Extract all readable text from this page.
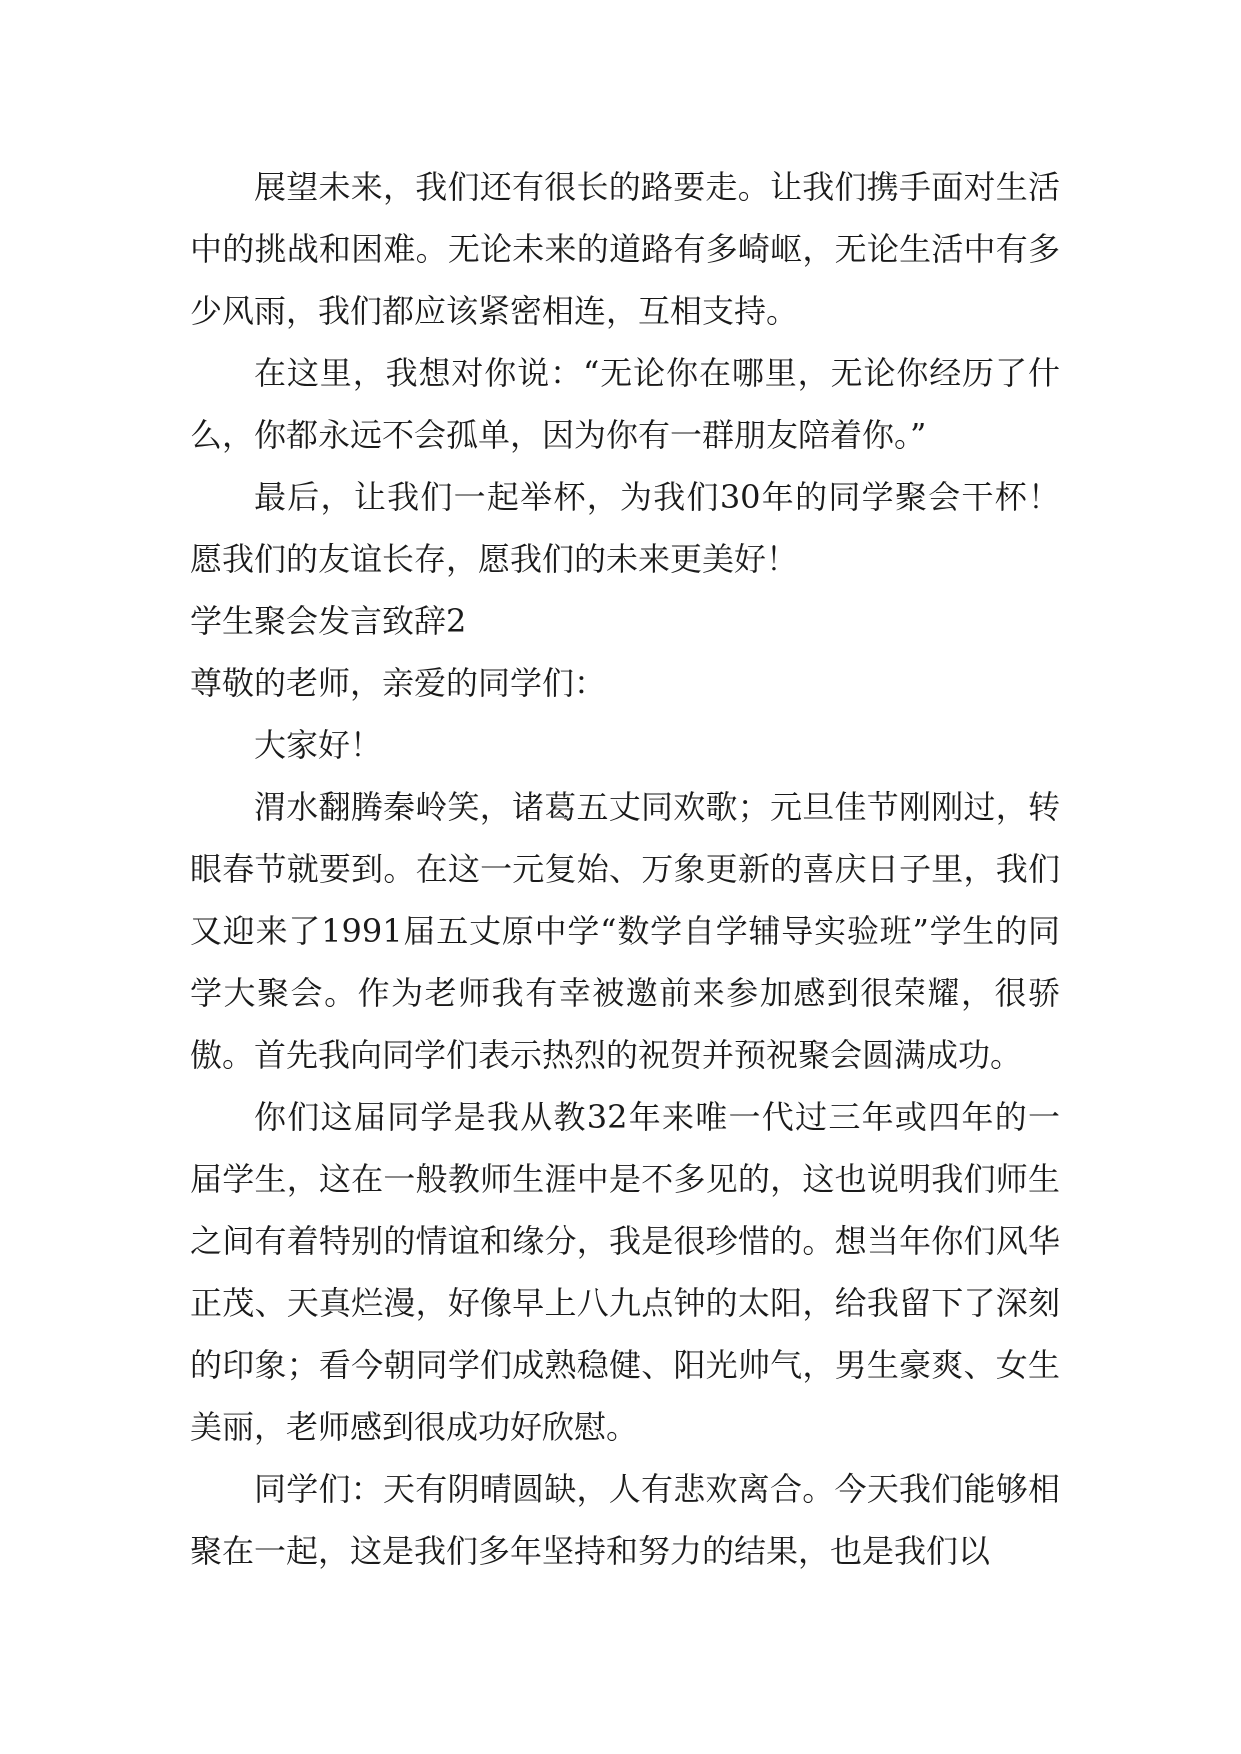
展望未来，我们还有很长的路要走。让我们携手面对生活中的挑战和困难。无论未来的道路有多崎岖，无论生活中有多少风雨，我们都应该紧密相连，互相支持。

在这里，我想对你说：“无论你在哪里，无论你经历了什么，你都永远不会孤单，因为你有一群朋友陪着你。”

最后，让我们一起举杯，为我们30年的同学聚会干杯！愿我们的友谊长存，愿我们的未来更美好！

学生聚会发言致辞2

尊敬的老师，亲爱的同学们：

大家好！

渭水翻腾秦岭笑，诸葛五丈同欢歌；元旦佳节刚刚过，转眼春节就要到。在这一元复始、万象更新的喜庆日子里，我们又迎来了1991届五丈原中学“数学自学辅导实验班”学生的同学大聚会。作为老师我有幸被邀前来参加感到很荣耀，很骄傲。首先我向同学们表示热烈的祝贺并预祝聚会圆满成功。

你们这届同学是我从教32年来唯一代过三年或四年的一届学生，这在一般教师生涯中是不多见的，这也说明我们师生之间有着特别的情谊和缘分，我是很珍惜的。想当年你们风华正茂、天真烂漫，好像早上八九点钟的太阳，给我留下了深刻的印象；看今朝同学们成熟稳健、阳光帅气，男生豪爽、女生美丽，老师感到很成功好欣慰。

同学们：天有阴晴圆缺，人有悲欢离合。今天我们能够相聚在一起，这是我们多年坚持和努力的结果，也是我们以
